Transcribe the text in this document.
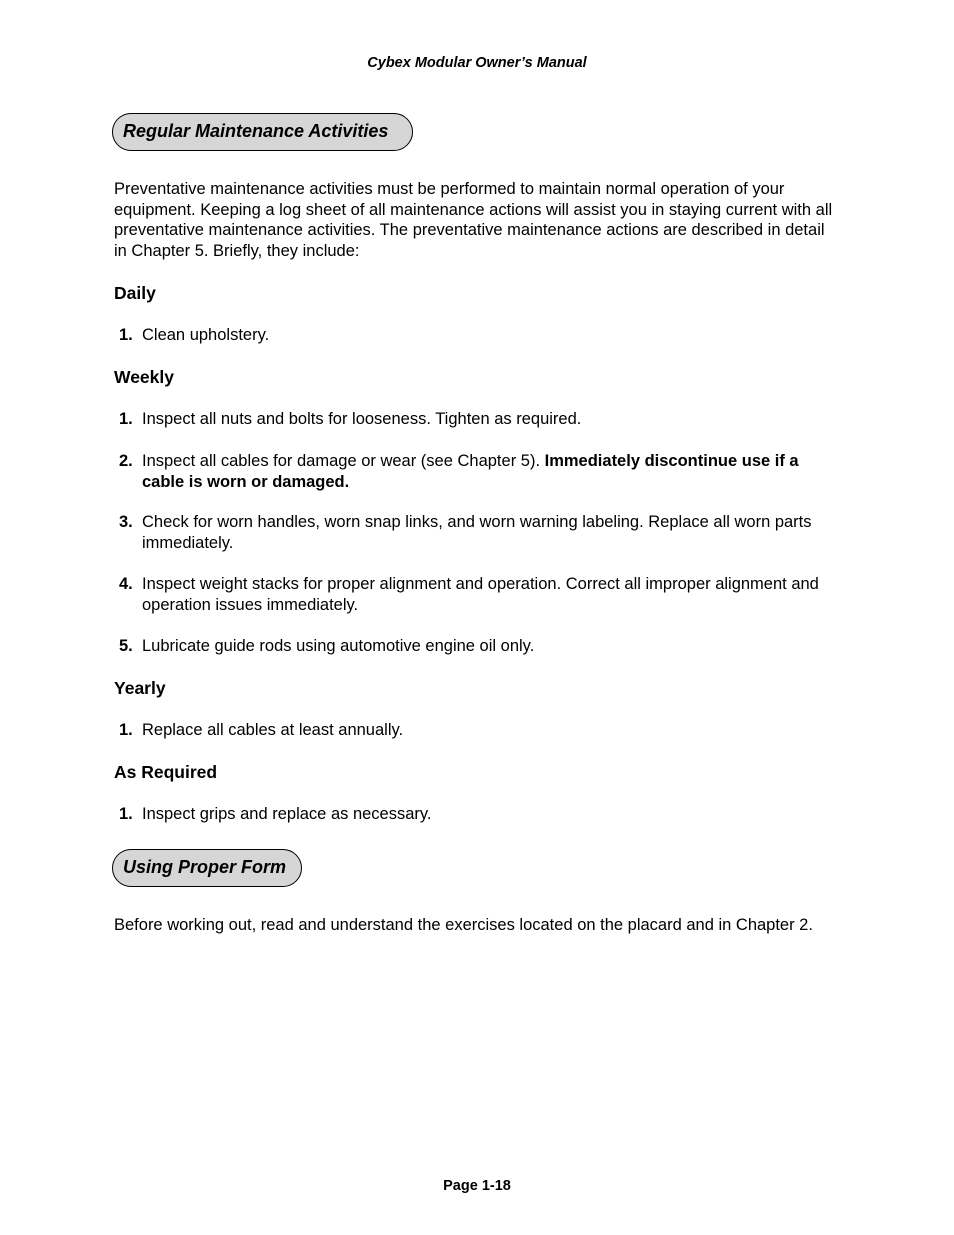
Cybex Modular Owner’s Manual
Regular Maintenance Activities
Preventative maintenance activities must be performed to maintain normal operation of your equipment. Keeping a log sheet of all maintenance actions will assist you in staying current with all preventative maintenance activities. The preventative maintenance actions are described in detail in Chapter 5. Briefly, they include:
Daily
1. Clean upholstery.
Weekly
1. Inspect all nuts and bolts for looseness. Tighten as required.
2. Inspect all cables for damage or wear (see Chapter 5). Immediately discontinue use if a cable is worn or damaged.
3. Check for worn handles, worn snap links, and worn warning labeling. Replace all worn parts immediately.
4. Inspect weight stacks for proper alignment and operation. Correct all improper alignment and operation issues immediately.
5. Lubricate guide rods using automotive engine oil only.
Yearly
1. Replace all cables at least annually.
As Required
1. Inspect grips and replace as necessary.
Using Proper Form
Before working out, read and understand the exercises located on the placard and in Chapter 2.
Page 1-18
